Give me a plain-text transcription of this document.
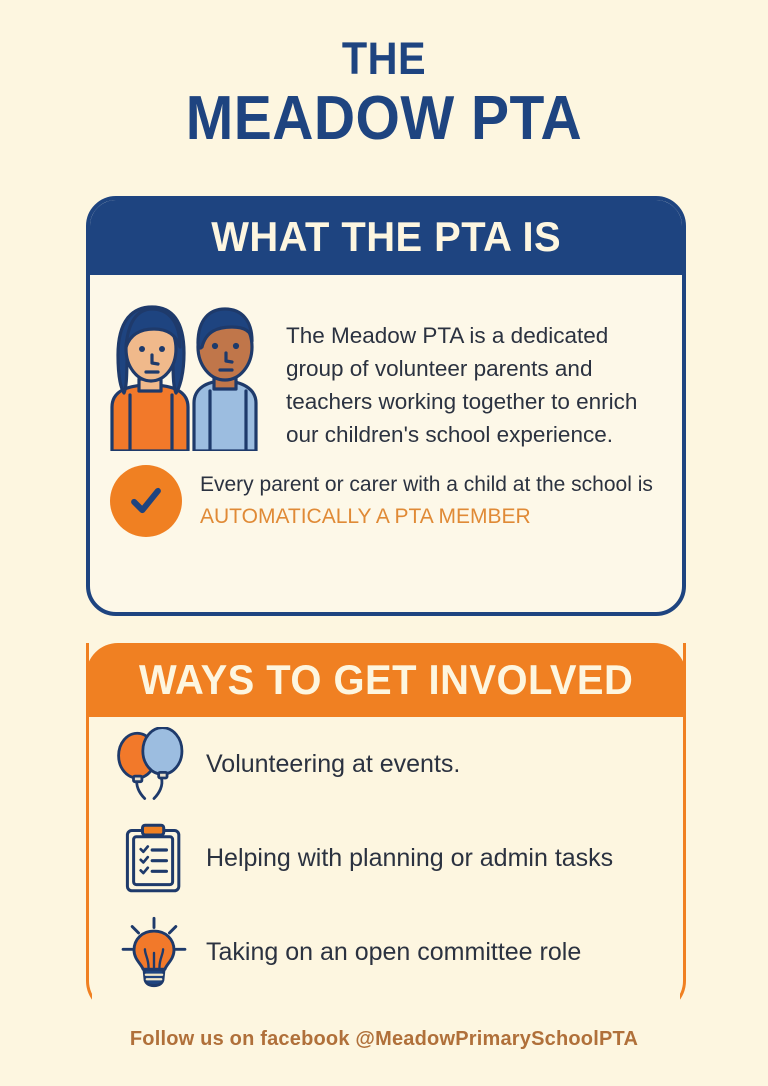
THE
MEADOW PTA
WHAT THE PTA IS
The Meadow PTA is a dedicated group of volunteer parents and teachers working together to enrich our children's school experience.
Every parent or carer with a child at the school is AUTOMATICALLY A PTA MEMBER
WAYS TO GET INVOLVED
Volunteering at events.
Helping with planning or admin tasks
Taking on an open committee role
Follow us on facebook @MeadowPrimarySchoolPTA
